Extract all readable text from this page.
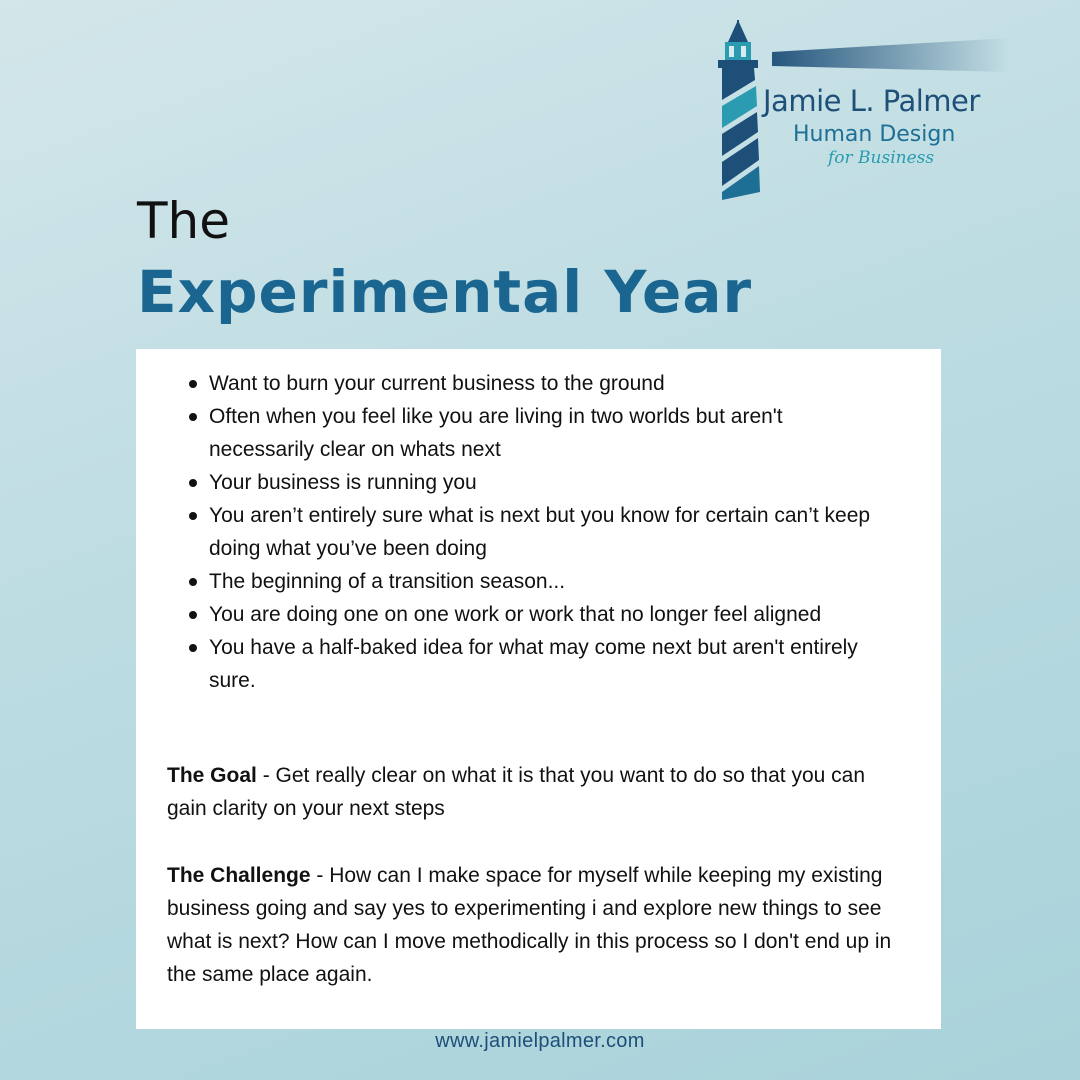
Jamie L. Palmer
Human Design
for Business
The
Experimental Year
Want to burn your current business to the ground
Often when you feel like you are living in two worlds but aren't necessarily clear on whats next
Your business is running you
You aren’t entirely sure what is next but you know for certain can’t keep doing what you’ve been doing
The beginning of a transition season...
You are doing one on one work or work that no longer feel aligned
You have a half-baked idea for what may come next but aren't entirely sure.

The Goal - Get really clear on what it is that you want to do so that you can gain clarity on your next steps

The Challenge - How can I make space for myself while keeping my existing business going and say yes to experimenting i and explore new things to see what is next? How can I move methodically in this process so I don't end up in the same place again.

www.jamielpalmer.com
